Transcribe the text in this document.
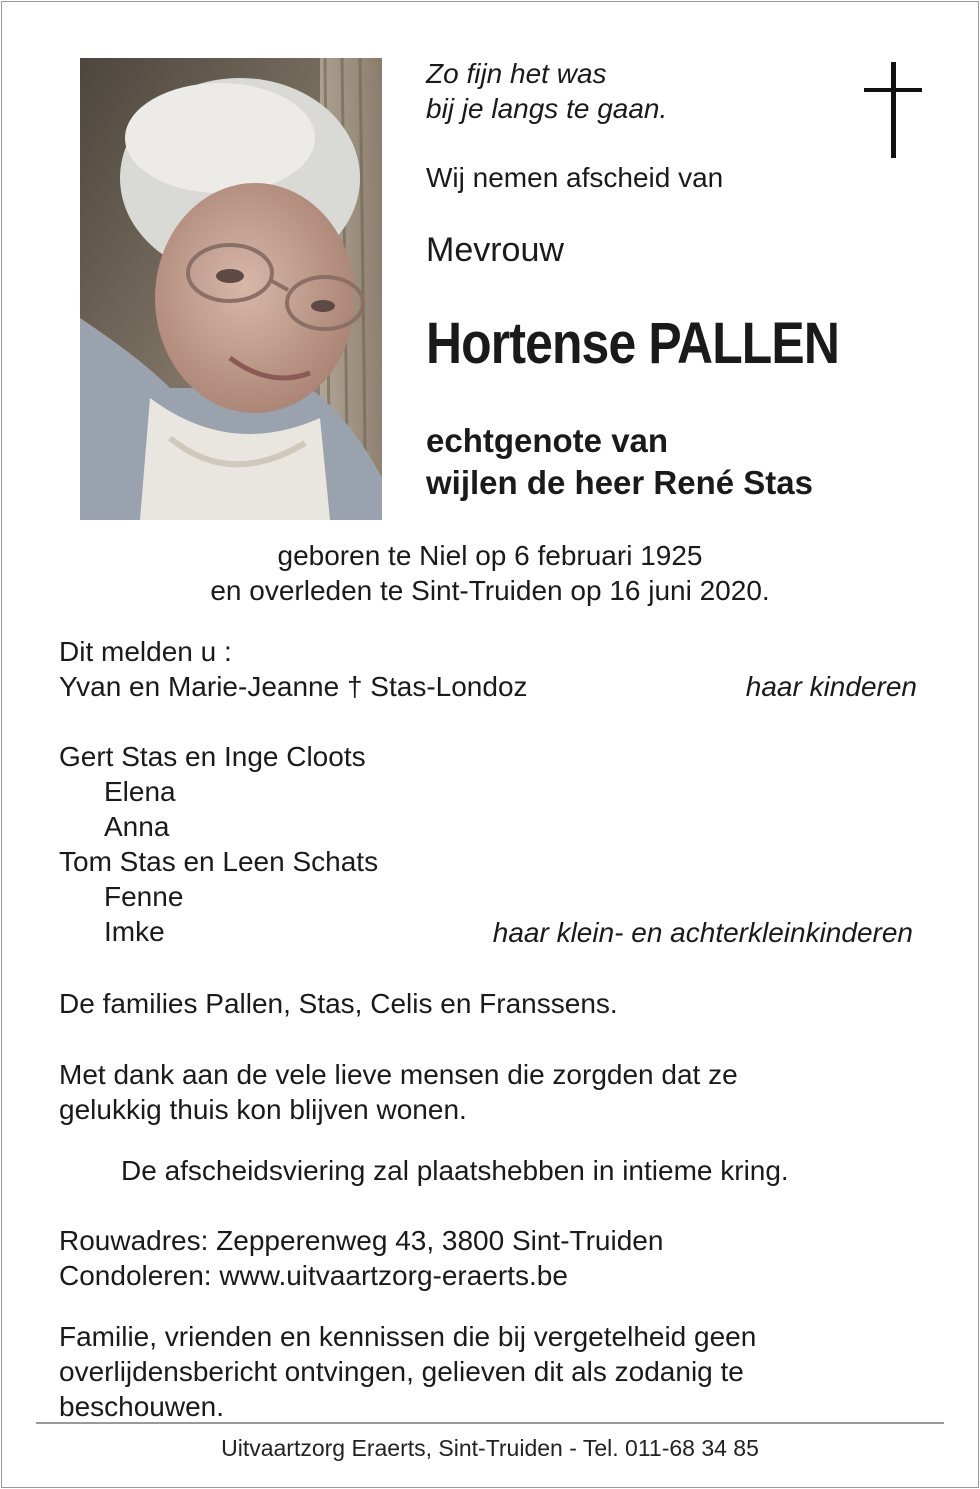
Zo fijn het was
bij je langs te gaan.
Wij nemen afscheid van
Mevrouw
Hortense PALLEN
echtgenote van
wijlen de heer René Stas
geboren te Niel op 6 februari 1925
en overleden te Sint-Truiden op 16 juni 2020.
Dit melden u :
Yvan en Marie-Jeanne † Stas-Londoz	haar kinderen
Gert Stas en Inge Cloots
Elena
Anna
Tom Stas en Leen Schats
Fenne
Imke	haar klein- en achterkleinkinderen
De families Pallen, Stas, Celis en Franssens.
Met dank aan de vele lieve mensen die zorgden dat ze
gelukkig thuis kon blijven wonen.
De afscheidsviering zal plaatshebben in intieme kring.
Rouwadres: Zepperenweg 43, 3800 Sint-Truiden
Condoleren: www.uitvaartzorg-eraerts.be
Familie, vrienden en kennissen die bij vergetelheid geen
overlijdensbericht ontvingen, gelieven dit als zodanig te
beschouwen.
Uitvaartzorg Eraerts, Sint-Truiden - Tel. 011-68 34 85
